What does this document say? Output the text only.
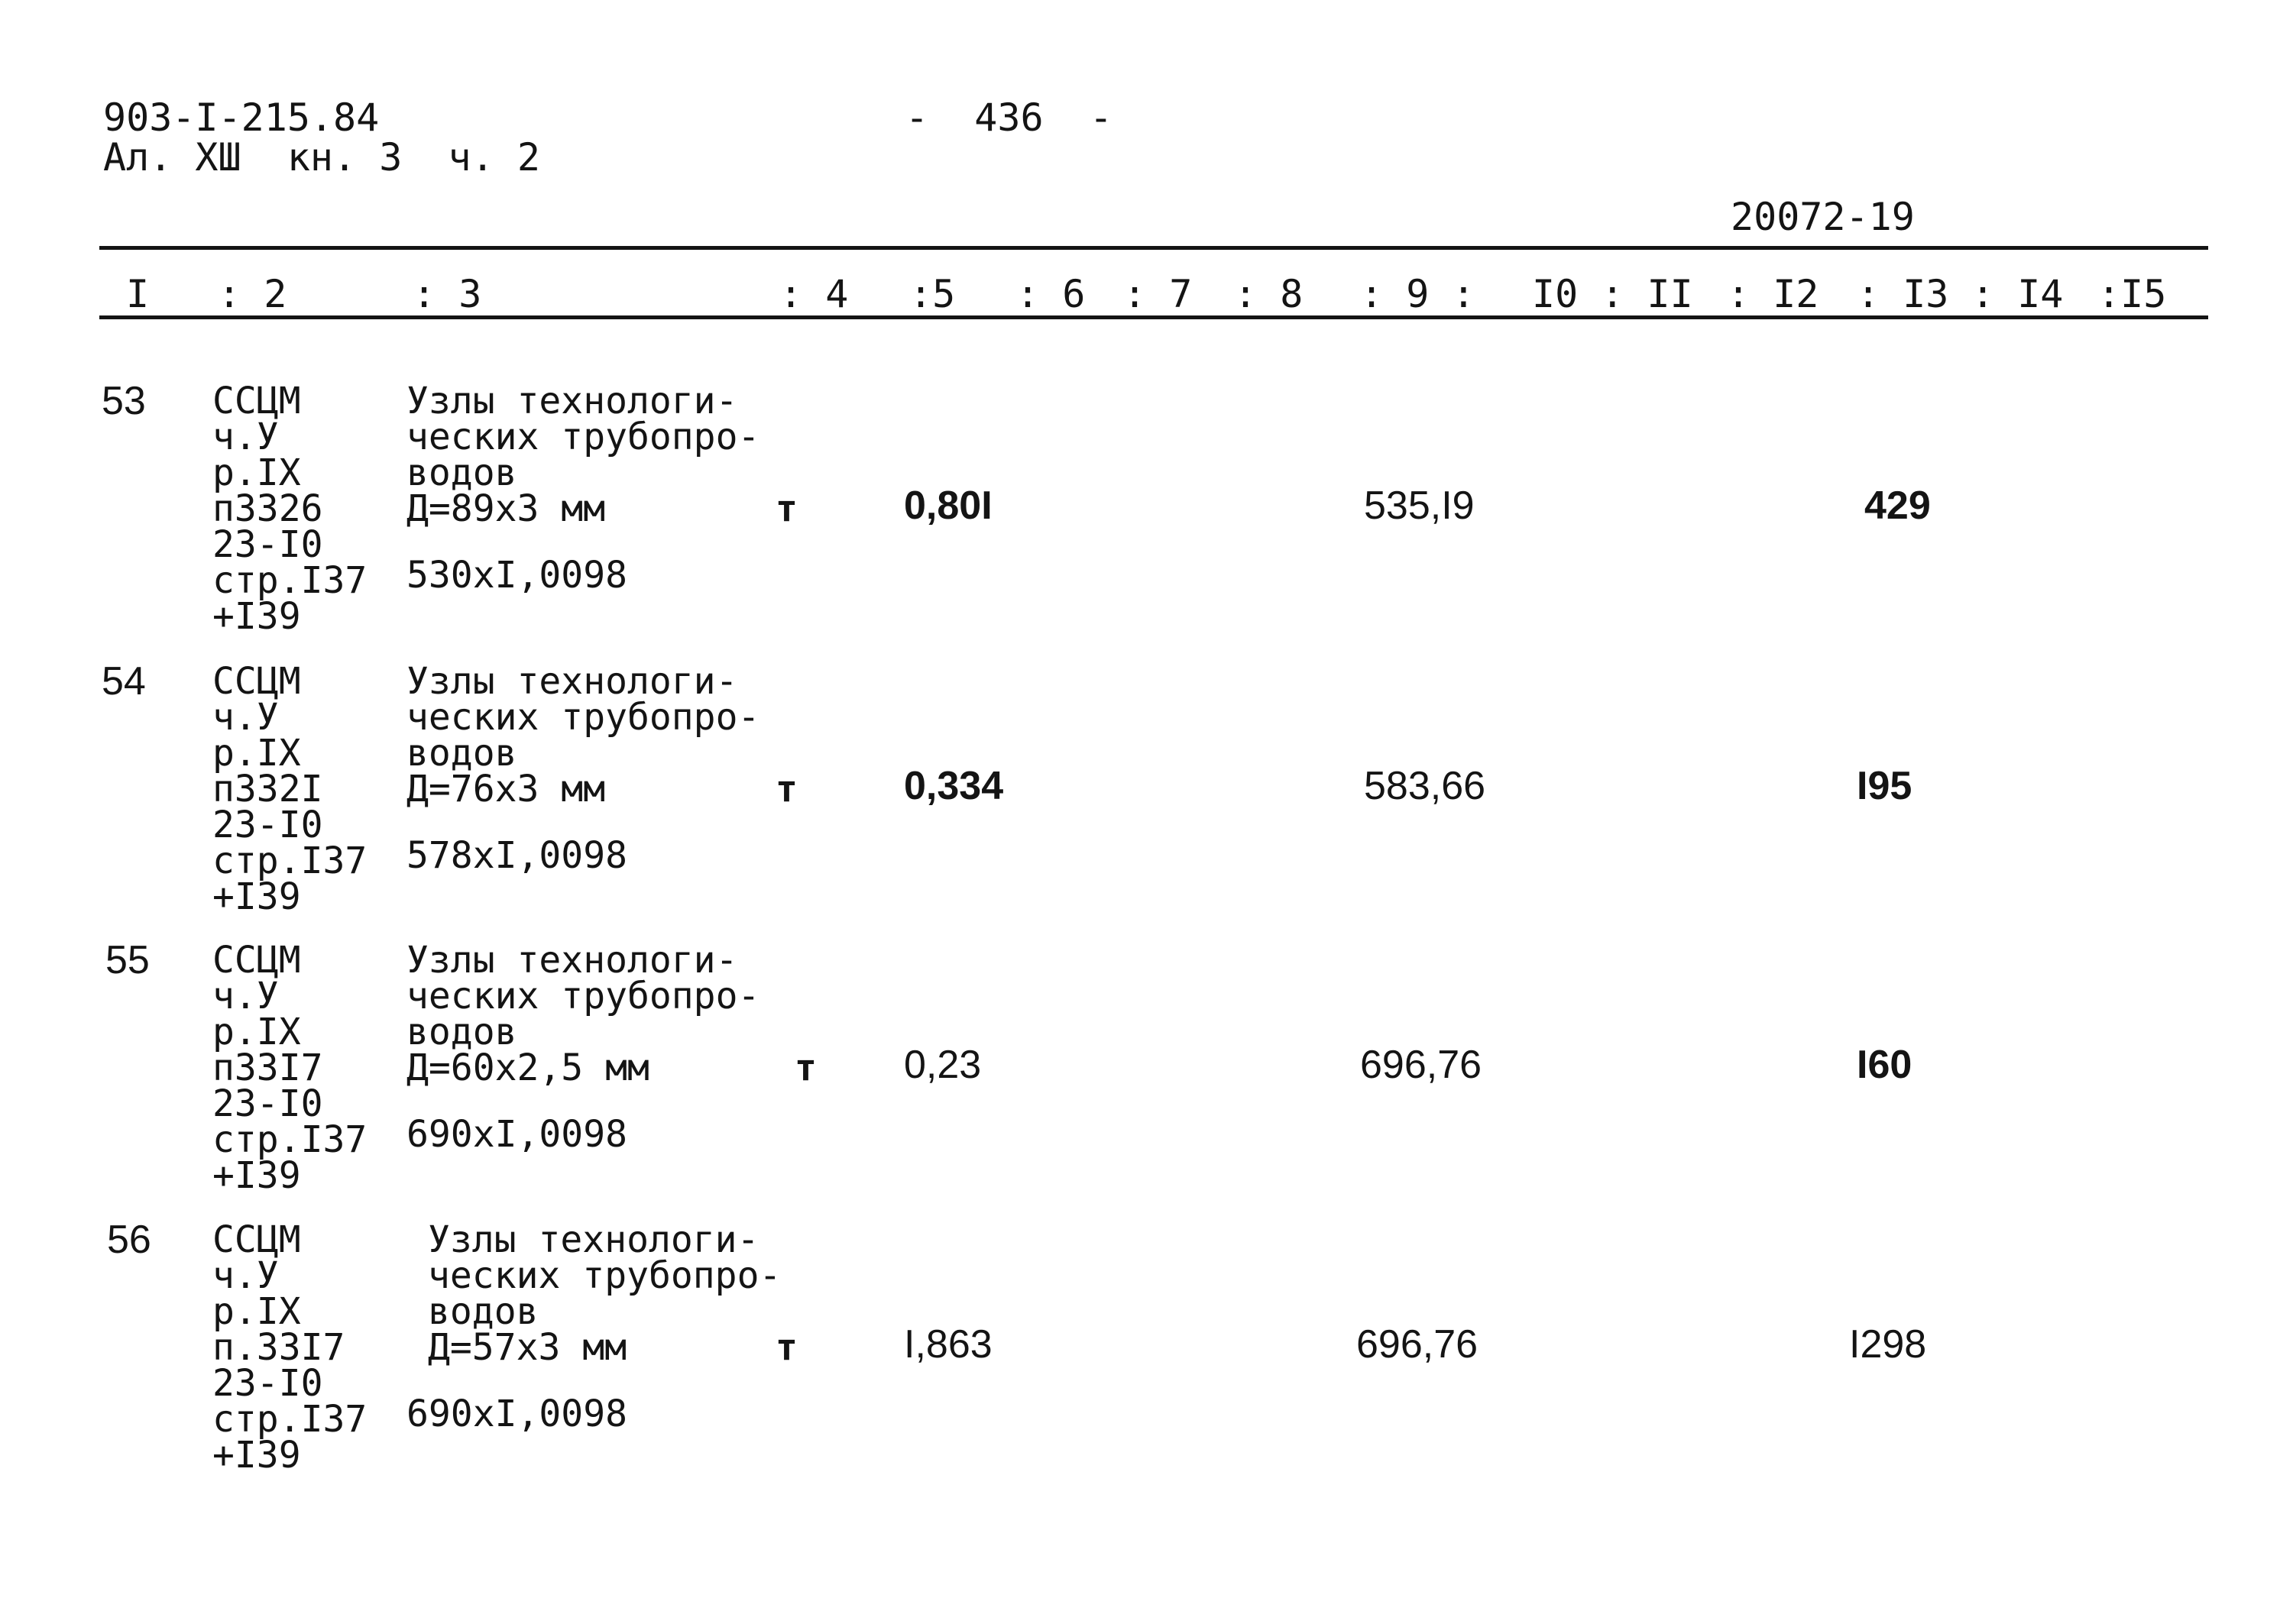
903-I-215.84
Ал. XШ  кн. 3  ч. 2
-  436  -
20072-19
I : 2	: 3	: 4 :5 : 6 : 7 : 8 : 9 : I0 : II : I2 : I3 : I4 :I5
53 ССЦМ
ч.У
р.IX
п3326
23-I0
стр.I37
+I39
Узлы технологи-
ческих трубопро-
водов
Д=89х3 мм
530хI,0098
т	0,80I	535,I9	429
54 ССЦМ
ч.У
р.IX
п332I
23-I0
стр.I37
+I39
Узлы технологи-
ческих трубопро-
водов
Д=76х3 мм
578хI,0098
т	0,334	583,66	I95
55 ССЦМ
ч.У
р.IX
п33I7
23-I0
стр.I37
+I39
Узлы технологи-
ческих трубопро-
водов
Д=60х2,5 мм
690хI,0098
т 0,23	696,76	I60
56 ССЦМ
ч.У
р.IX
п.33I7
23-I0
стр.I37
+I39
Узлы технологи-
ческих трубопро-
водов
Д=57х3 мм
690хI,0098
т	I,863	696,76	I298
